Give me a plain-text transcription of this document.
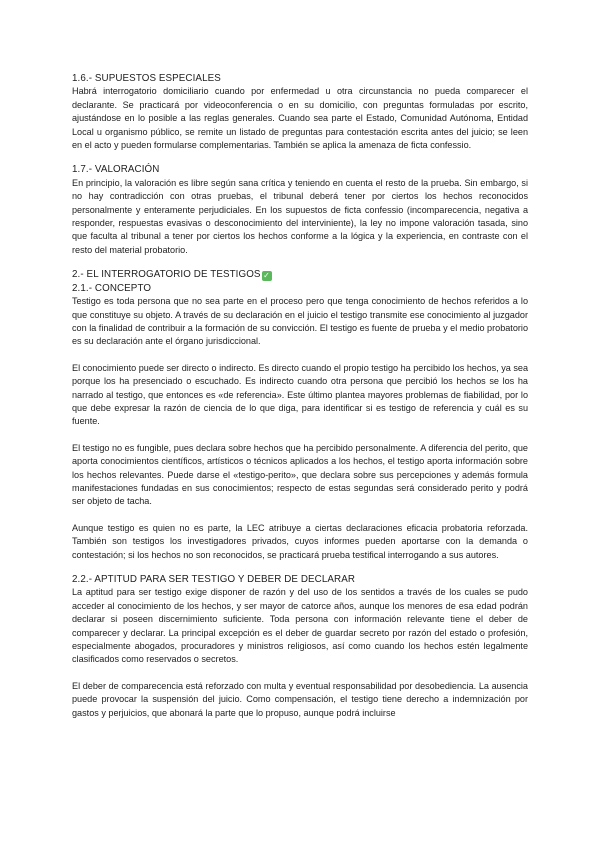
1.6.- SUPUESTOS ESPECIALES

Habrá interrogatorio domiciliario cuando por enfermedad u otra circunstancia no pueda comparecer el declarante. Se practicará por videoconferencia o en su domicilio, con preguntas formuladas por escrito, ajustándose en lo posible a las reglas generales. Cuando sea parte el Estado, Comunidad Autónoma, Entidad Local u organismo público, se remite un listado de preguntas para contestación escrita antes del juicio; se leen en el acto y pueden formularse complementarias. También se aplica la amenaza de ficta confessio.

1.7.- VALORACIÓN

En principio, la valoración es libre según sana crítica y teniendo en cuenta el resto de la prueba. Sin embargo, si no hay contradicción con otras pruebas, el tribunal deberá tener por ciertos los hechos reconocidos personalmente y enteramente perjudiciales. En los supuestos de ficta confessio (incomparecencia, negativa a responder, respuestas evasivas o desconocimiento del interviniente), la ley no impone valoración tasada, sino que faculta al tribunal a tener por ciertos los hechos conforme a la lógica y la experiencia, en contraste con el resto del material probatorio.

2.- EL INTERROGATORIO DE TESTIGOS ✓
2.1.- CONCEPTO

Testigo es toda persona que no sea parte en el proceso pero que tenga conocimiento de hechos referidos a lo que constituye su objeto. A través de su declaración en el juicio el testigo transmite ese conocimiento al juzgador con la finalidad de contribuir a la formación de su convicción. El testigo es fuente de prueba y el medio probatorio es su declaración ante el órgano jurisdiccional.

El conocimiento puede ser directo o indirecto. Es directo cuando el propio testigo ha percibido los hechos, ya sea porque los ha presenciado o escuchado. Es indirecto cuando otra persona que percibió los hechos se los ha narrado al testigo, que entonces es «de referencia». Este último plantea mayores problemas de fiabilidad, por lo que debe expresar la razón de ciencia de lo que diga, para identificar si es testigo de referencia y cuál es su fuente.

El testigo no es fungible, pues declara sobre hechos que ha percibido personalmente. A diferencia del perito, que aporta conocimientos científicos, artísticos o técnicos aplicados a los hechos, el testigo aporta información sobre los hechos relevantes. Puede darse el «testigo-perito», que declara sobre sus percepciones y además formula manifestaciones fundadas en sus conocimientos; respecto de estas segundas será considerado perito y podrá ser objeto de tacha.

Aunque testigo es quien no es parte, la LEC atribuye a ciertas declaraciones eficacia probatoria reforzada. También son testigos los investigadores privados, cuyos informes pueden aportarse con la demanda o contestación; si los hechos no son reconocidos, se practicará prueba testifical interrogando a sus autores.

2.2.- APTITUD PARA SER TESTIGO Y DEBER DE DECLARAR

La aptitud para ser testigo exige disponer de razón y del uso de los sentidos a través de los cuales se pudo acceder al conocimiento de los hechos, y ser mayor de catorce años, aunque los menores de esa edad podrán declarar si poseen discernimiento suficiente. Toda persona con información relevante tiene el deber de comparecer y declarar. La principal excepción es el deber de guardar secreto por razón del estado o profesión, especialmente abogados, procuradores y ministros religiosos, así como cuando los hechos estén legalmente clasificados como reservados o secretos.

El deber de comparecencia está reforzado con multa y eventual responsabilidad por desobediencia. La ausencia puede provocar la suspensión del juicio. Como compensación, el testigo tiene derecho a indemnización por gastos y perjuicios, que abonará la parte que lo propuso, aunque podrá incluirse
